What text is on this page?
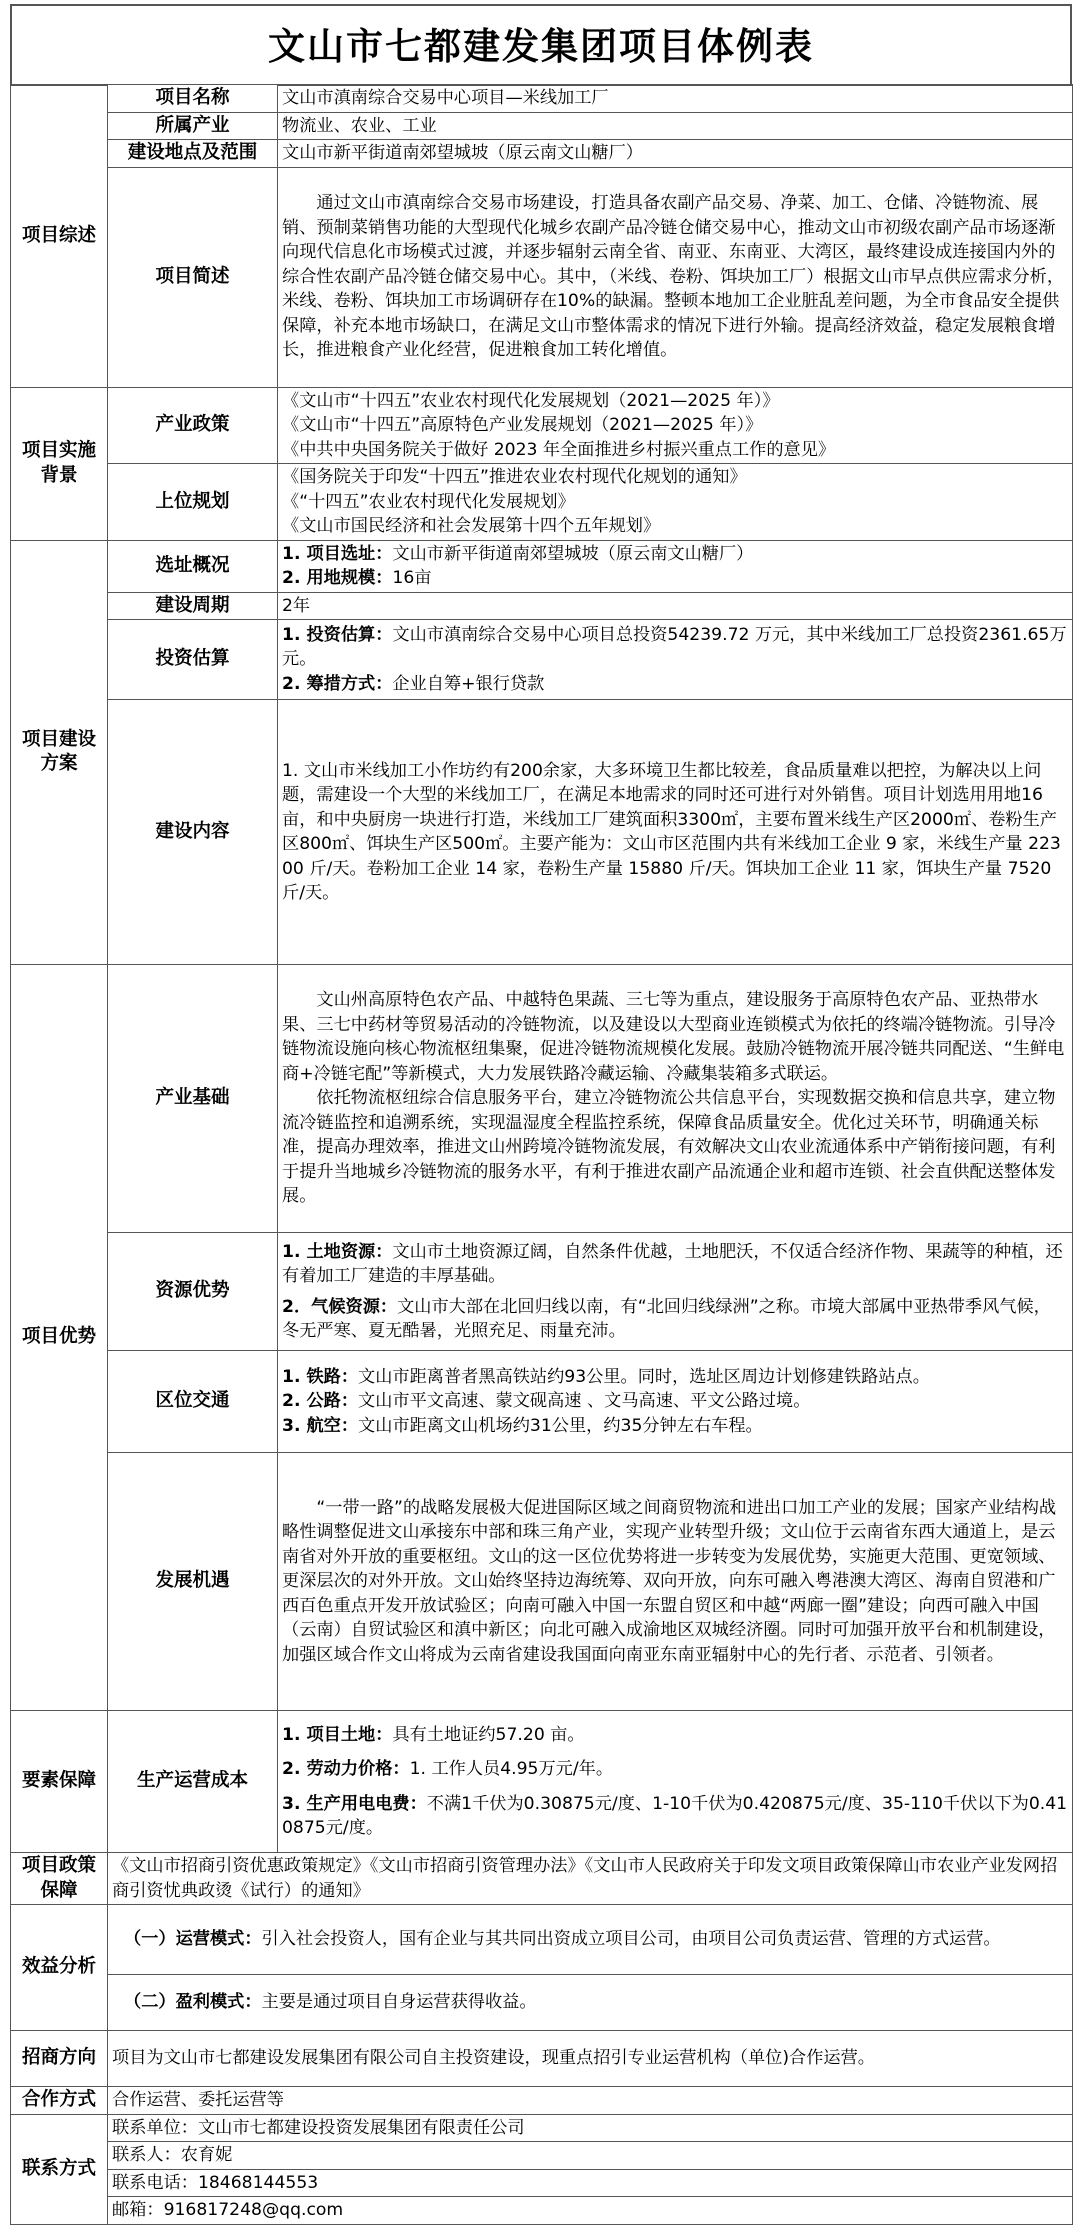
文山市七都建发集团项目体例表
项目综述	项目名称	文山市滇南综合交易中心项目—米线加工厂
	所属产业	物流业、农业、工业
	建设地点及范围	文山市新平街道南郊望城坡（原云南文山糖厂）
	项目简述	通过文山市滇南综合交易市场建设，打造具备农副产品交易、净菜、加工、仓储、冷链物流、展销、预制菜销售功能的大型现代化城乡农副产品冷链仓储交易中心，推动文山市初级农副产品市场逐渐向现代信息化市场模式过渡，并逐步辐射云南全省、南亚、东南亚、大湾区，最终建设成连接国内外的综合性农副产品冷链仓储交易中心。其中，（米线、卷粉、饵块加工厂）根据文山市早点供应需求分析，米线、卷粉、饵块加工市场调研存在10%的缺漏。整顿本地加工企业脏乱差问题，为全市食品安全提供保障，补充本地市场缺口，在满足文山市整体需求的情况下进行外输。提高经济效益，稳定发展粮食增长，推进粮食产业化经营，促进粮食加工转化增值。

项目实施背景	产业政策	《文山市“十四五”农业农村现代化发展规划（2021—2025 年）》

《文山市“十四五”高原特色产业发展规划（2021—2025 年）》

《中共中央国务院关于做好 2023 年全面推进乡村振兴重点工作的意见》

	上位规划	《国务院关于印发“十四五”推进农业农村现代化规划的通知》

《“十四五”农业农村现代化发展规划》

《文山市国民经济和社会发展第十四个五年规划》

项目建设方案	选址概况	1. 项目选址：文山市新平街道南郊望城坡（原云南文山糖厂）

2. 用地规模：16亩

	建设周期	2年
	投资估算	1. 投资估算：文山市滇南综合交易中心项目总投资54239.72 万元，其中米线加工厂总投资2361.65万元。

2. 筹措方式：企业自筹+银行贷款

	建设内容	1. 文山市米线加工小作坊约有200余家，大多环境卫生都比较差，食品质量难以把控，为解决以上问题，需建设一个大型的米线加工厂，在满足本地需求的同时还可进行对外销售。项目计划选用用地16亩，和中央厨房一块进行打造，米线加工厂建筑面积3300㎡，主要布置米线生产区2000㎡、卷粉生产区800㎡、饵块生产区500㎡。主要产能为：文山市区范围内共有米线加工企业 9 家，米线生产量 22300 斤/天。卷粉加工企业 14 家，卷粉生产量 15880 斤/天。饵块加工企业 11 家，饵块生产量 7520 斤/天。

项目优势	产业基础	文山州高原特色农产品、中越特色果蔬、三七等为重点，建设服务于高原特色农产品、亚热带水果、三七中药材等贸易活动的冷链物流，以及建设以大型商业连锁模式为依托的终端冷链物流。引导冷链物流设施向核心物流枢纽集聚，促进冷链物流规模化发展。鼓励冷链物流开展冷链共同配送、“生鲜电商+冷链宅配”等新模式，大力发展铁路冷藏运输、冷藏集装箱多式联运。

依托物流枢纽综合信息服务平台，建立冷链物流公共信息平台，实现数据交换和信息共享，建立物流冷链监控和追溯系统，实现温湿度全程监控系统，保障食品质量安全。优化过关环节，明确通关标准，提高办理效率，推进文山州跨境冷链物流发展，有效解决文山农业流通体系中产销衔接问题，有利于提升当地城乡冷链物流的服务水平，有利于推进农副产品流通企业和超市连锁、社会直供配送整体发展。

	资源优势	1. 土地资源：文山市土地资源辽阔，自然条件优越，土地肥沃，不仅适合经济作物、果蔬等的种植，还有着加工厂建造的丰厚基础。

2．气候资源：文山市大部在北回归线以南，有“北回归线绿洲”之称。市境大部属中亚热带季风气候，冬无严寒、夏无酷暑，光照充足、雨量充沛。

	区位交通	1. 铁路：文山市距离普者黑高铁站约93公里。同时，选址区周边计划修建铁路站点。

2. 公路：文山市平文高速、蒙文砚高速 、文马高速、平文公路过境。

3. 航空：文山市距离文山机场约31公里，约35分钟左右车程。

	发展机遇	“一带一路”的战略发展极大促进国际区域之间商贸物流和进出口加工产业的发展；国家产业结构战略性调整促进文山承接东中部和珠三角产业，实现产业转型升级；文山位于云南省东西大通道上，是云南省对外开放的重要枢纽。文山的这一区位优势将进一步转变为发展优势，实施更大范围、更宽领域、更深层次的对外开放。文山始终坚持边海统筹、双向开放，向东可融入粤港澳大湾区、海南自贸港和广西百色重点开发开放试验区；向南可融入中国一东盟自贸区和中越“两廊一圈”建设；向西可融入中国（云南）自贸试验区和滇中新区；向北可融入成渝地区双城经济圈。同时可加强开放平台和机制建设，加强区域合作文山将成为云南省建设我国面向南亚东南亚辐射中心的先行者、示范者、引领者。

要素保障	生产运营成本	1. 项目土地：具有土地证约57.20 亩。

2. 劳动力价格：1. 工作人员4.95万元/年。

3. 生产用电电费：不满1千伏为0.30875元/度、1-10千伏为0.420875元/度、35-110千伏以下为0.410875元/度。

项目政策保障	《文山市招商引资优惠政策规定》《文山市招商引资管理办法》《文山市人民政府关于印发文项目政策保障山市农业产业发网招商引资忧典政烫《试行）的通知》	
效益分析	（一）运营模式：引入社会投资人，国有企业与其共同出资成立项目公司，由项目公司负责运营、管理的方式运营。	

	（二）盈利模式：主要是通过项目自身运营获得收益。	

招商方向	项目为文山市七都建设发展集团有限公司自主投资建设，现重点招引专业运营机构（单位)合作运营。	
合作方式	合作运营、委托运营等	
联系方式	联系单位：文山市七都建设投资发展集团有限责任公司	
	联系人：农育妮	
	联系电话：18468144553	
	邮箱：916817248@qq.com	
